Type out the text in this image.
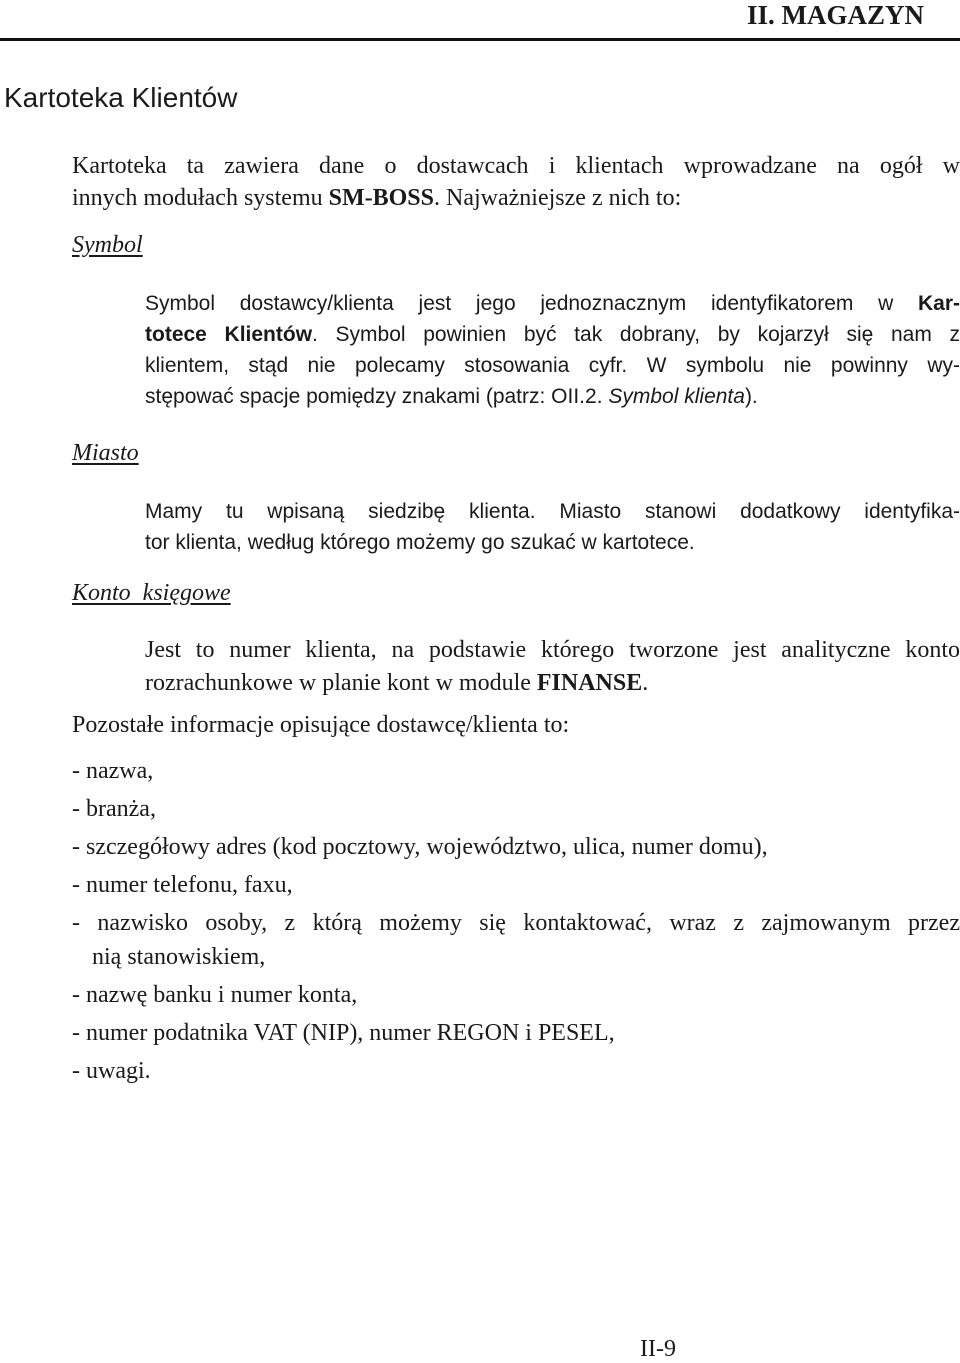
II. MAGAZYN
Kartoteka Klientów
Kartoteka ta zawiera dane o dostawcach i klientach wprowadzane na ogół w
innych modułach systemu SM-BOSS. Najważniejsze z nich to:
Symbol
Symbol dostawcy/klienta jest jego jednoznacznym identyfikatorem w Kar-
totece Klientów. Symbol powinien być tak dobrany, by kojarzył się nam z
klientem, stąd nie polecamy stosowania cyfr. W symbolu nie powinny wy-
stępować spacje pomiędzy znakami (patrz: OII.2. Symbol klienta).
Miasto
Mamy tu wpisaną siedzibę klienta. Miasto stanowi dodatkowy identyfika-
tor klienta, według którego możemy go szukać w kartotece.
Konto  księgowe
Jest to numer klienta, na podstawie którego tworzone jest analityczne konto
rozrachunkowe w planie kont w module FINANSE.
Pozostałe informacje opisujące dostawcę/klienta to:
- nazwa,
- branża,
- szczegółowy adres (kod pocztowy, województwo, ulica, numer domu),
- numer telefonu, faxu,
- nazwisko osoby, z którą możemy się kontaktować, wraz z zajmowanym przez
nią stanowiskiem,
- nazwę banku i numer konta,
- numer podatnika VAT (NIP), numer REGON i PESEL,
- uwagi.
II-9
